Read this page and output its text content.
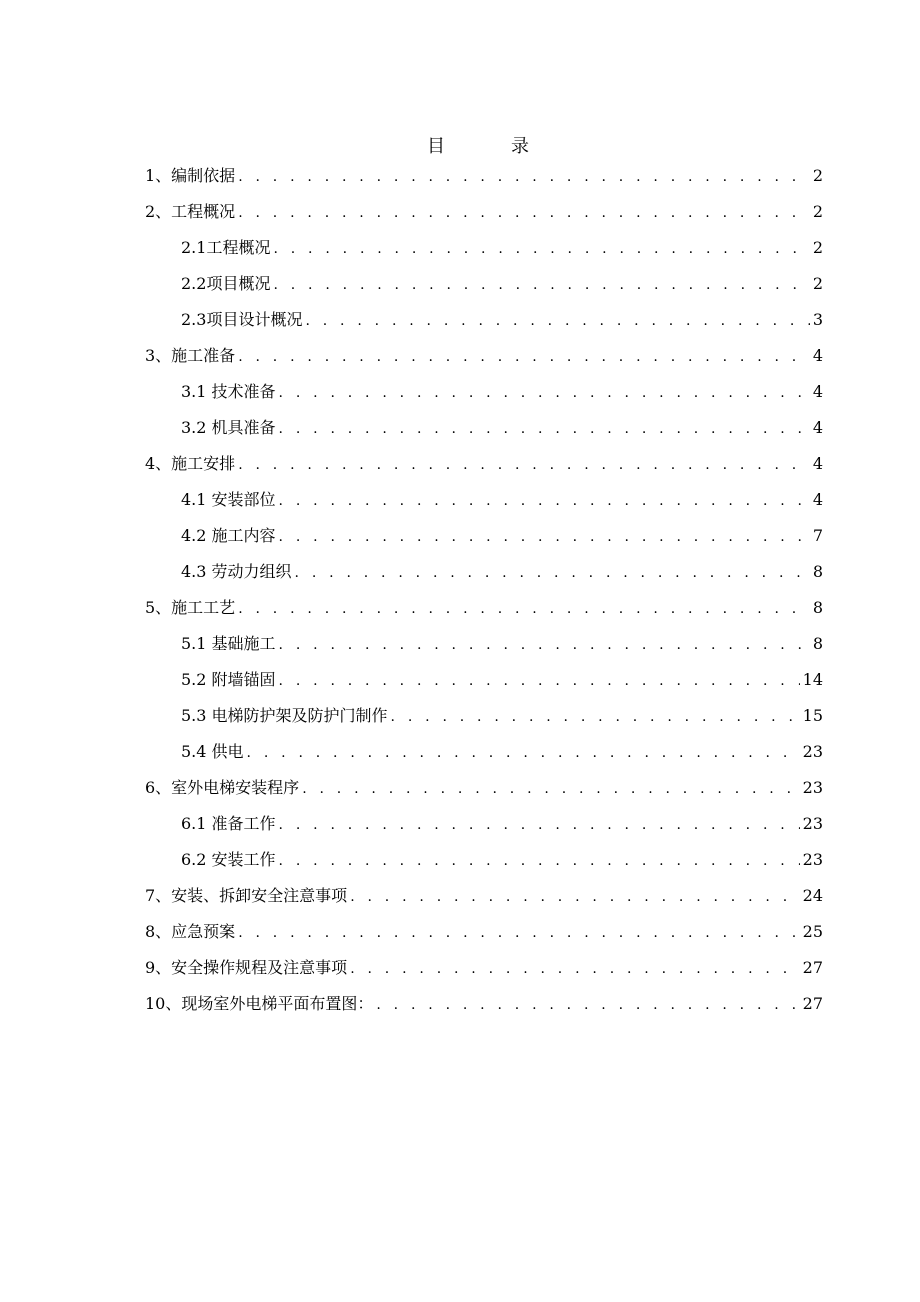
目	录
1、编制依据 . . .	2
2、工程概况 . . .	2
2.1工程概况 . . .	2
2.2项目概况 . . .	2
2.3项目设计概况 . . .	3
3、施工准备 . . .	4
3.1 技术准备 . . .	4
3.2 机具准备 . . .	4
4、施工安排 . . .	4
4.1 安装部位 . . .	4
4.2 施工内容 . . .	7
4.3 劳动力组织 . . .	8
5、施工工艺 . . .	8
5.1 基础施工 . . .	8
5.2 附墙锚固 . . .	14
5.3 电梯防护架及防护门制作 . . .	15
5.4 供电 . . .	23
6、室外电梯安装程序 . . .	23
6.1 准备工作 . . .	23
6.2 安装工作 . . .	23
7、安装、拆卸安全注意事项 . . .	24
8、应急预案 . . .	25
9、安全操作规程及注意事项 . . .	27
10、现场室外电梯平面布置图： . . .	27
